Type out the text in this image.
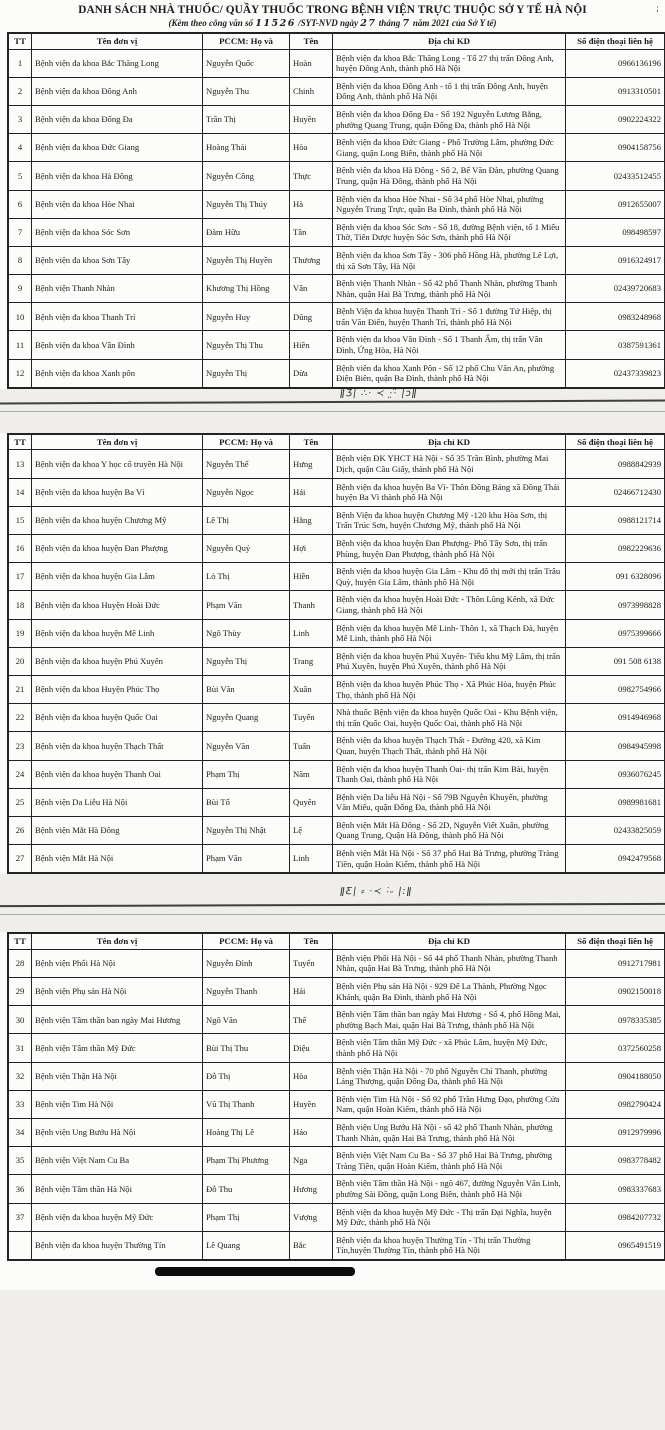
;
DANH SÁCH NHÀ THUỐC/ QUẦY THUỐC TRONG BỆNH VIỆN TRỰC THUỘC SỞ Y TẾ HÀ NỘI
(Kèm theo công văn số 11526 /SYT-NVD ngày 27 tháng 7 năm 2021 của Sở Y tế)
TT	Tên đơn vị	PCCM: Họ và	Tên	Địa chỉ KD	Số điện thoại liên hệ
1	Bệnh viện đa khoa Bắc Thăng Long	Nguyễn Quốc	Hoàn	Bệnh viện đa khoa Bắc Thăng Long - Tổ 27 thị trấn Đông Anh, huyện Đông Anh, thành phố Hà Nội	0966136196
2	Bệnh viện đa khoa Đông Anh	Nguyễn Thu	Chinh	Bệnh viện đa khoa Đông Anh - tổ 1 thị trấn Đông Anh, huyện Đông Anh, thành phố Hà Nội	0913310501
3	Bệnh viện đa khoa Đống Đa	Trần Thị	Huyền	Bệnh viện đa khoa Đống Đa - Số 192 Nguyễn Lương Bằng, phường Quang Trung, quận Đống Đa, thành phố Hà Nội	0902224322
4	Bệnh viện đa khoa Đức Giang	Hoàng Thái	Hòa	Bệnh viện đa khoa Đức Giang - Phố Trường Lâm, phường Đức Giang, quận Long Biên, thành phố Hà Nội	0904158756
5	Bệnh viện đa khoa Hà Đông	Nguyễn Công	Thực	Bệnh viện đa khoa Hà Đông - Số 2, Bế Văn Đàn, phường Quang Trung, quận Hà Đông, thành phố Hà Nội	02433512455
6	Bệnh viện đa khoa Hòe Nhai	Nguyễn Thị Thúy	Hà	Bệnh viện đa khoa Hòe Nhai - Số 34 phố Hòe Nhai, phường Nguyễn Trung Trực, quận Ba Đình, thành phố Hà Nội	0912655007
7	Bệnh viện đa khoa Sóc Sơn	Đàm Hữu	Tân	Bệnh viện đa khoa Sóc Sơn - Số 18, đường Bệnh viện, tổ 1 Miếu Thờ, Tiên Dược huyện Sóc Sơn, thành phố Hà Nội	098498597
8	Bệnh viện đa khoa Sơn Tây	Nguyễn Thị Huyền	Thương	Bệnh viện đa khoa Sơn Tây - 306 phố Hồng Hà, phường Lê Lợi, thị xã Sơn Tây, Hà Nội	0916324917
9	Bệnh viện Thanh Nhàn	Khương Thị Hồng	Vân	Bệnh viện Thanh Nhàn - Số 42 phố Thanh Nhàn, phường Thanh Nhàn, quận Hai Bà Trưng, thành phố Hà Nội	02439720683
10	Bệnh viện đa khoa Thanh Trì	Nguyễn Huy	Dũng	Bệnh Viện đa khoa huyện Thanh Trì - Số 1 đường Tứ Hiệp, thị trấn Văn Điển, huyện Thanh Trì, thành phố Hà Nội	0983248968
11	Bệnh viện đa khoa Vân Đình	Nguyễn Thị Thu	Hiền	Bệnh viện đa khoa Vân Đình - Số 1 Thanh Ấm, thị trấn Vân Đình, Ứng Hòa, Hà Nội	0387591361
12	Bệnh viện đa khoa Xanh pôn	Nguyễn Thị	Dừa	Bệnh viên đa khoa Xanh Pôn - Số 12 phố Chu Văn An, phường Điện Biên, quận Ba Đình, thành phố Hà Nội	02437339823
ǁƷ| ∴· ≺ ·̤·̈ |ɔǁ
TT	Tên đơn vị	PCCM: Họ và	Tên	Địa chỉ KD	Số điện thoại liên hệ
13	Bệnh viện đa khoa Y học cổ truyền Hà Nội	Nguyễn Thế	Hưng	Bệnh viện ĐK YHCT Hà Nội - Số 35 Trần Bình, phường Mai Dịch, quận Cầu Giấy, thành phố Hà Nội	0988842939
14	Bệnh viện đa khoa huyện Ba Vì	Nguyễn Ngọc	Hải	Bệnh viện đa khoa huyện Ba Vì- Thôn Đồng Bảng xã Đồng Thái huyện Ba Vì thành phố Hà Nội	02466712430
15	Bệnh viện đa khoa huyện Chương Mỹ	Lê Thị	Hằng	Bệnh Viện đa khoa huyện Chương Mỹ -120 khu Hòa Sơn, thị Trấn Trúc Sơn, huyện Chương Mỹ, thành phố Hà Nội	0988121714
16	Bệnh viện đa khoa huyện Đan Phượng	Nguyễn Quý	Hợi	Bệnh viện đa khoa huyện Đan Phượng- Phố Tây Sơn, thị trấn Phùng, huyện Đan Phượng, thành phố Hà Nội	0982229636
17	Bệnh viện đa khoa huyện Gia Lâm	Lò Thị	Hiền	Bệnh viện đa khoa huyện Gia Lâm - Khu đô thị mới thị trấn Trâu Quỳ, huyện Gia Lâm, thành phố Hà Nội	091 6328096
18	Bệnh viện đa khoa Huyện Hoài Đức	Phạm Văn	Thanh	Bệnh viện đa khoa huyện Hoài Đức - Thôn Lũng Kênh, xã Đức Giang, thành phố Hà Nội	0973998828
19	Bệnh viện đa khoa huyện Mê Linh	Ngô Thùy	Linh	Bệnh viện đa khoa huyện Mê Linh- Thôn 1, xã Thạch Đà, huyện Mê Linh, thành phố Hà Nội	0975399666
20	Bệnh viện đa khoa huyện Phú Xuyên	Nguyễn Thị	Trang	Bệnh viện đa khoa huyện Phú Xuyên- Tiểu khu Mỹ Lâm, thị trấn Phú Xuyên, huyện Phú Xuyên, thành phố Hà Nội	091 508 6138
21	Bệnh viện đa khoa Huyện Phúc Thọ	Bùi Văn	Xuân	Bệnh viện đa khoa huyện Phúc Thọ - Xã Phúc Hòa, huyện Phúc Thọ, thành phố Hà Nội	0982754966
22	Bệnh viện đa khoa huyện Quốc Oai	Nguyễn Quang	Tuyến	Nhà thuốc Bệnh viện đa khoa huyện Quốc Oai - Khu Bệnh viện, thị trấn Quốc Oai, huyện Quốc Oai, thành phố Hà Nội	0914946968
23	Bệnh viện đa khoa huyện Thạch Thất	Nguyễn Văn	Tuấn	Bệnh viện đa khoa huyện Thạch Thất - Đường 420, xã Kim Quan, huyện Thạch Thất, thành phố Hà Nội	0984945998
24	Bệnh viện đa khoa huyện Thanh Oai	Phạm Thị	Năm	Bệnh viện đa khoa huyện Thanh Oai- thị trấn Kim Bài, huyện Thanh Oai, thành phố Hà Nội	0936076245
25	Bệnh viện Da Liễu Hà Nội	Bùi Tố	Quyên	Bệnh viện Da liễu Hà Nội - Số 79B Nguyễn Khuyến, phường Văn Miếu, quận Đống Đa, thành phố Hà Nội	0989981681
26	Bệnh viện Mắt Hà Đông	Nguyễn Thị Nhật	Lệ	Bệnh viện Mắt Hà Đông - Số 2D, Nguyễn Viết Xuân, phường Quang Trung, Quận Hà Đông, thành phố Hà Nội	02433825059
27	Bệnh viện Mắt Hà Nội	Phạm Văn	Linh	Bệnh viện Mắt Hà Nội - Số 37 phố Hai Bà Trưng, phường Tràng Tiền, quận Hoàn Kiếm, thành phố Hà Nội	0942479568
ǁƸ| ⸗ ·≺ ˸˶ |ːǁ
TT	Tên đơn vị	PCCM: Họ và	Tên	Địa chỉ KD	Số điện thoại liên hệ
28	Bệnh viện Phổi Hà Nội	Nguyễn Đình	Tuyển	Bệnh viện Phổi Hà Nội - Số 44 phố Thanh Nhàn, phường Thanh Nhàn, quận Hai Bà Trưng, thành phố Hà Nội	0912717981
29	Bệnh viện Phụ sản Hà Nội	Nguyễn Thanh	Hải	Bệnh viện Phụ sản Hà Nội - 929 Đê La Thành, Phường Ngọc Khánh, quận Ba Đình, thành phố Hà Nội	0902150018
30	Bệnh viện Tâm thần ban ngày Mai Hương	Ngô Văn	Thế	Bệnh viện Tâm thần ban ngày Mai Hương - Số 4, phố Hồng Mai, phường Bạch Mai, quận Hai Bà Trưng, thành phố Hà Nội	0978335385
31	Bệnh viện Tâm thần Mỹ Đức	Bùi Thị Thu	Diệu	Bệnh viện Tâm thần Mỹ Đức - xã Phúc Lâm, huyện Mỹ Đức, thành phố Hà Nội	0372560258
32	Bệnh viện Thận Hà Nội	Đỗ Thị	Hòa	Bệnh viện Thận Hà Nội - 70 phố Nguyễn Chí Thanh, phường Láng Thượng, quận Đống Đa, thành phố Hà Nội	0904188050
33	Bệnh viện Tim Hà Nội	Vũ Thị Thanh	Huyền	Bệnh viện Tim Hà Nội - Số 92 phố Trần Hưng Đạo, phường Cửa Nam, quận Hoàn Kiếm, thành phố Hà Nội	0982790424
34	Bệnh viện Ung Bướu Hà Nội	Hoàng Thị Lê	Hảo	Bệnh viện Ung Bướu Hà Nội - số 42 phố Thanh Nhàn, phường Thanh Nhàn, quận Hai Bà Trưng, thành phố Hà Nội	0912979996
35	Bệnh viện Việt Nam Cu Ba	Phạm Thị Phương	Nga	Bệnh viện Việt Nam Cu Ba - Số 37 phố Hai Bà Trưng, phường Tràng Tiền, quận Hoàn Kiếm, thành phố Hà Nội	0983778482
36	Bệnh viện Tâm thần Hà Nội	Đỗ Thu	Hương	Bệnh viện Tâm thần Hà Nội - ngõ 467, đường Nguyễn Văn Linh, phường Sài Đồng, quận Long Biên, thành phố Hà Nội	0983337683
37	Bệnh viện đa khoa huyện Mỹ Đức	Phạm Thị	Vượng	Bệnh viện đa khoa huyện Mỹ Đức - Thị trấn Đại Nghĩa, huyện Mỹ Đức, thành phố Hà Nội	0984207732
	Bệnh viện đa khoa huyện Thường Tín	Lê Quang	Bắc	Bệnh viện đa khoa huyện Thường Tín - Thị trấn Thường Tín,huyện Thường Tín, thành phố Hà Nội	0965491519
